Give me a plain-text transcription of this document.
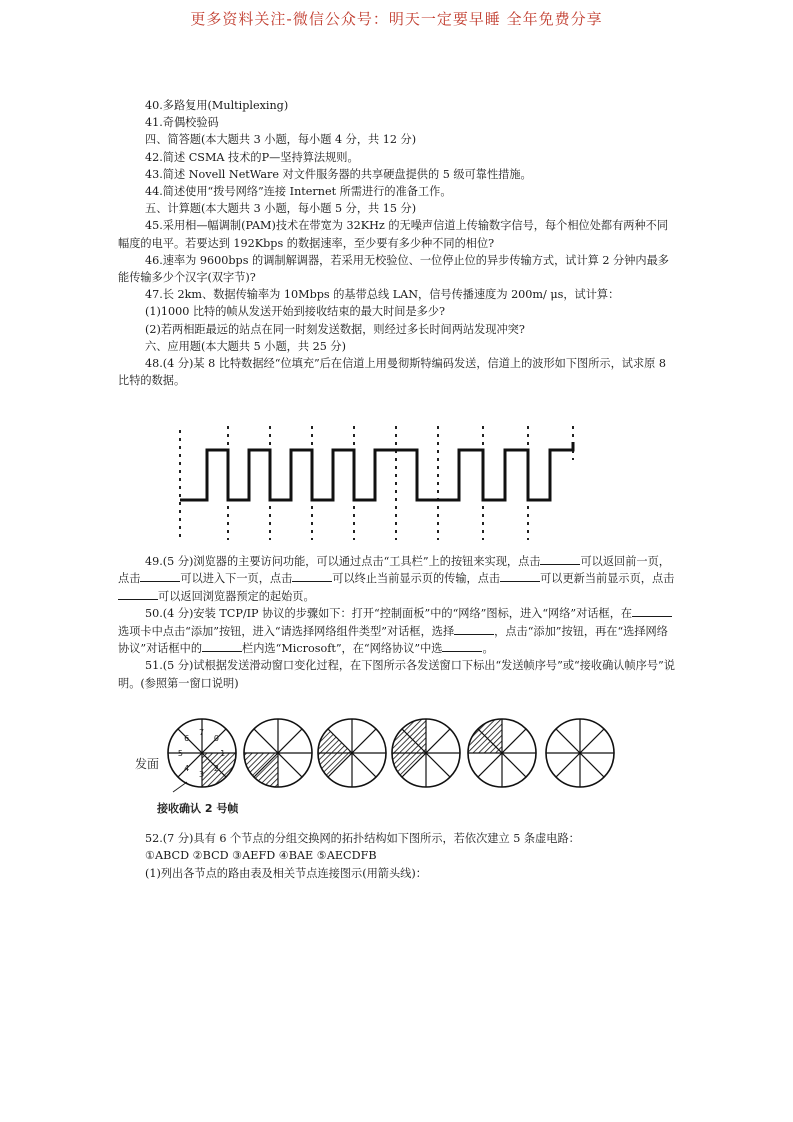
更多资料关注-微信公众号：明天一定要早睡 全年免费分享

40.多路复用(Multiplexing)

41.奇偶校验码

四、简答题(本大题共 3 小题，每小题 4 分，共 12 分)

42.简述 CSMA 技术的P—坚持算法规则。

43.简述 Novell NetWare 对文件服务器的共享硬盘提供的 5 级可靠性措施。

44.简述使用“拨号网络”连接 Internet 所需进行的准备工作。

五、计算题(本大题共 3 小题，每小题 5 分，共 15 分)

45.采用相—幅调制(PAM)技术在带宽为 32KHz 的无噪声信道上传输数字信号，每个相位处都有两种不同幅度的电平。若要达到 192Kbps 的数据速率，至少要有多少种不同的相位?

46.速率为 9600bps 的调制解调器，若采用无校验位、一位停止位的异步传输方式，试计算 2 分钟内最多能传输多少个汉字(双字节)?

47.长 2km、数据传输率为 10Mbps 的基带总线 LAN，信号传播速度为 200m/ μs，试计算：

(1)1000 比特的帧从发送开始到接收结束的最大时间是多少?

(2)若两相距最远的站点在同一时刻发送数据，则经过多长时间两站发现冲突?

六、应用题(本大题共 5 小题，共 25 分)

48.(4 分)某 8 比特数据经“位填充”后在信道上用曼彻斯特编码发送，信道上的波形如下图所示，试求原 8 比特的数据。

49.(5 分)浏览器的主要访问功能，可以通过点击“工具栏”上的按钮来实现，点击	可以返回前一页，点击	可以进入下一页，点击	可以终止当前显示页的传输，点击	可以更新当前显示页，点击可以返回浏览器预定的起始页。

50.(4 分)安装 TCP/IP 协议的步骤如下：打开“控制面板”中的“网络”图标，进入“网络”对话框，在选项卡中点击“添加”按钮，进入“请选择网络组件类型”对话框，选择	，点击“添加”按钮，再在“选择网络协议”对话框中的	栏内选“Microsoft”，在“网络协议”中选	。

51.(5 分)试根据发送滑动窗口变化过程，在下图所示各发送窗口下标出“发送帧序号”或“接收确认帧序号”说明。(参照第一窗口说明)

发面
接收确认 2 号帧
6
7
0
5	1
4
3
2

52.(7 分)具有 6 个节点的分组交换网的拓扑结构如下图所示，若依次建立 5 条虚电路：

①ABCD ②BCD ③AEFD ④BAE ⑤AECDFB

(1)列出各节点的路由表及相关节点连接图示(用箭头线)：
